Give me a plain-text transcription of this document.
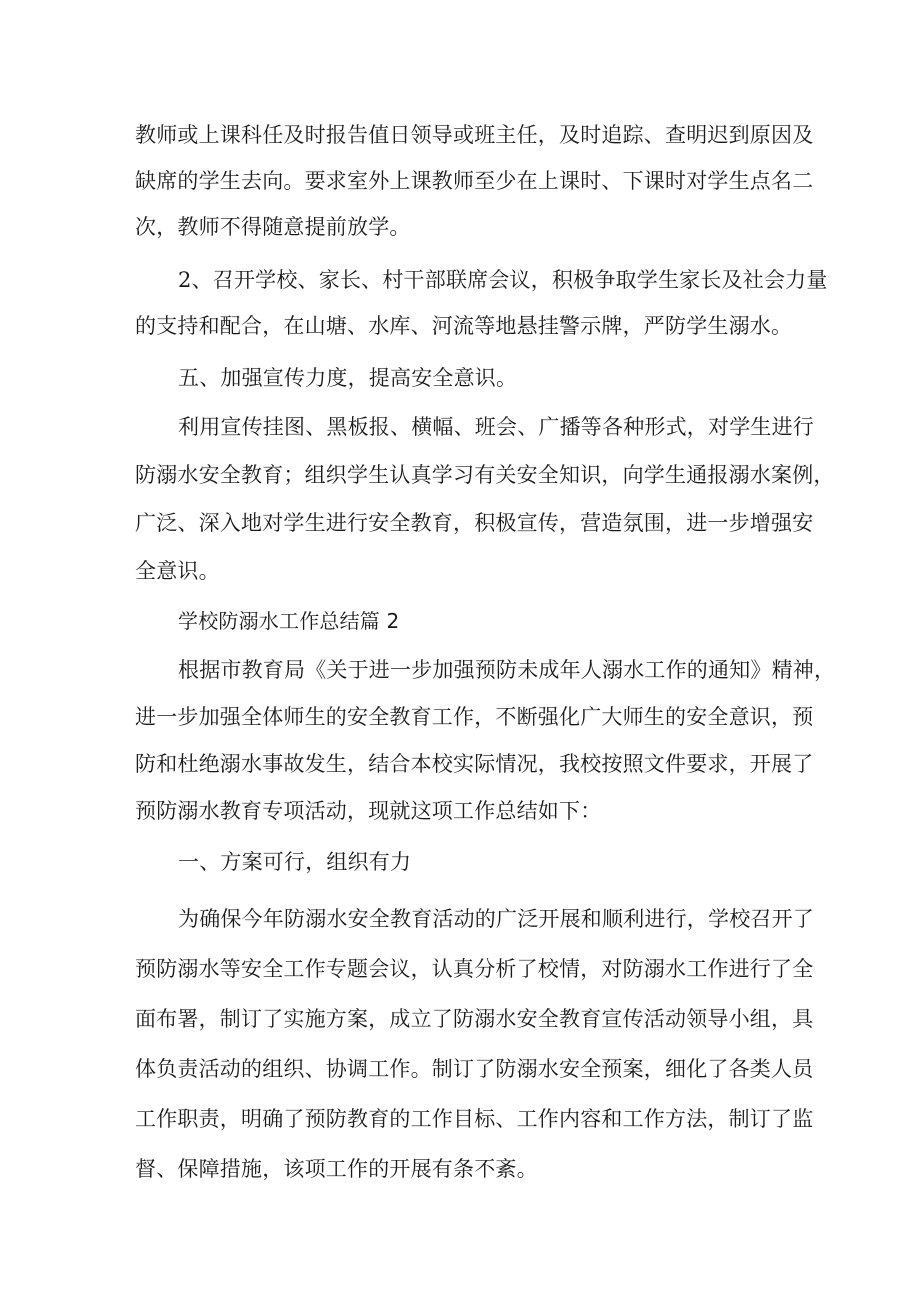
教师或上课科任及时报告值日领导或班主任，及时追踪、查明迟到原因及
缺席的学生去向。要求室外上课教师至少在上课时、下课时对学生点名二
次，教师不得随意提前放学。
2、召开学校、家长、村干部联席会议，积极争取学生家长及社会力量
的支持和配合，在山塘、水库、河流等地悬挂警示牌，严防学生溺水。
五、加强宣传力度，提高安全意识。
利用宣传挂图、黑板报、横幅、班会、广播等各种形式，对学生进行
防溺水安全教育；组织学生认真学习有关安全知识，向学生通报溺水案例，
广泛、深入地对学生进行安全教育，积极宣传，营造氛围，进一步增强安
全意识。
学校防溺水工作总结篇 2
根据市教育局《关于进一步加强预防未成年人溺水工作的通知》精神，
进一步加强全体师生的安全教育工作，不断强化广大师生的安全意识，预
防和杜绝溺水事故发生，结合本校实际情况，我校按照文件要求，开展了
预防溺水教育专项活动，现就这项工作总结如下：
一、方案可行，组织有力
为确保今年防溺水安全教育活动的广泛开展和顺利进行，学校召开了
预防溺水等安全工作专题会议，认真分析了校情，对防溺水工作进行了全
面布署，制订了实施方案，成立了防溺水安全教育宣传活动领导小组，具
体负责活动的组织、协调工作。制订了防溺水安全预案，细化了各类人员
工作职责，明确了预防教育的工作目标、工作内容和工作方法，制订了监
督、保障措施，该项工作的开展有条不紊。
